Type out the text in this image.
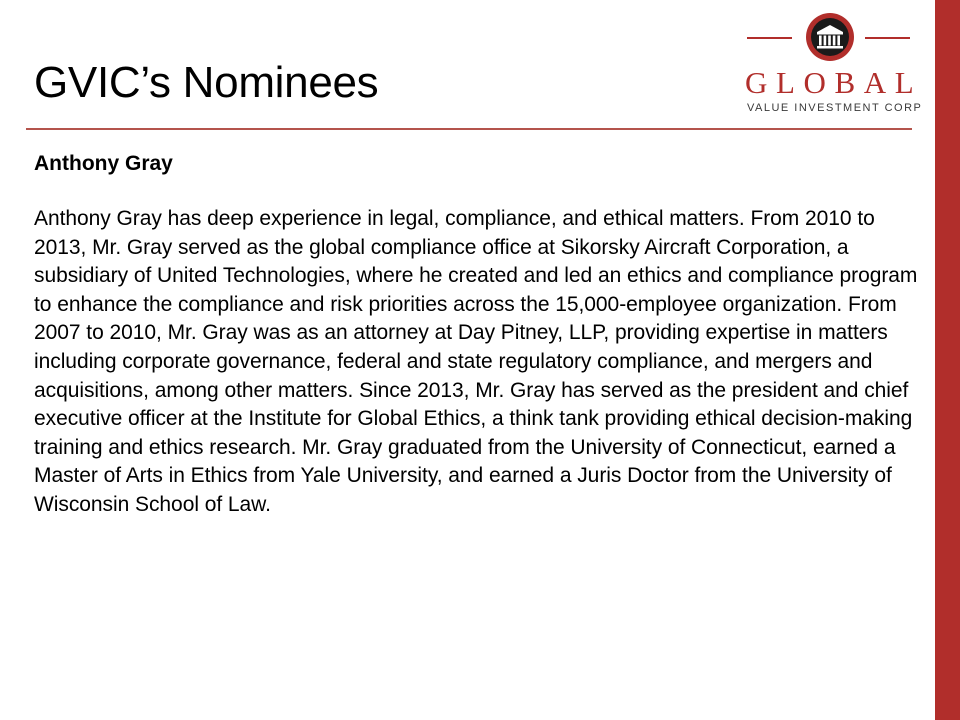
GVIC’s Nominees	GLOBAL

VALUE INVESTMENT CORP

Anthony Gray

Anthony Gray has deep experience in legal, compliance, and ethical matters. From 2010 to 2013, Mr. Gray served as the global compliance office at Sikorsky Aircraft Corporation, a subsidiary of United Technologies, where he created and led an ethics and compliance program to enhance the compliance and risk priorities across the 15,000-employee organization. From 2007 to 2010, Mr. Gray was as an attorney at Day Pitney, LLP, providing expertise in matters including corporate governance, federal and state regulatory compliance, and mergers and acquisitions, among other matters. Since 2013, Mr. Gray has served as the president and chief executive officer at the Institute for Global Ethics, a think tank providing ethical decision-making training and ethics research. Mr. Gray graduated from the University of Connecticut, earned a Master of Arts in Ethics from Yale University, and earned a Juris Doctor from the University of Wisconsin School of Law.
